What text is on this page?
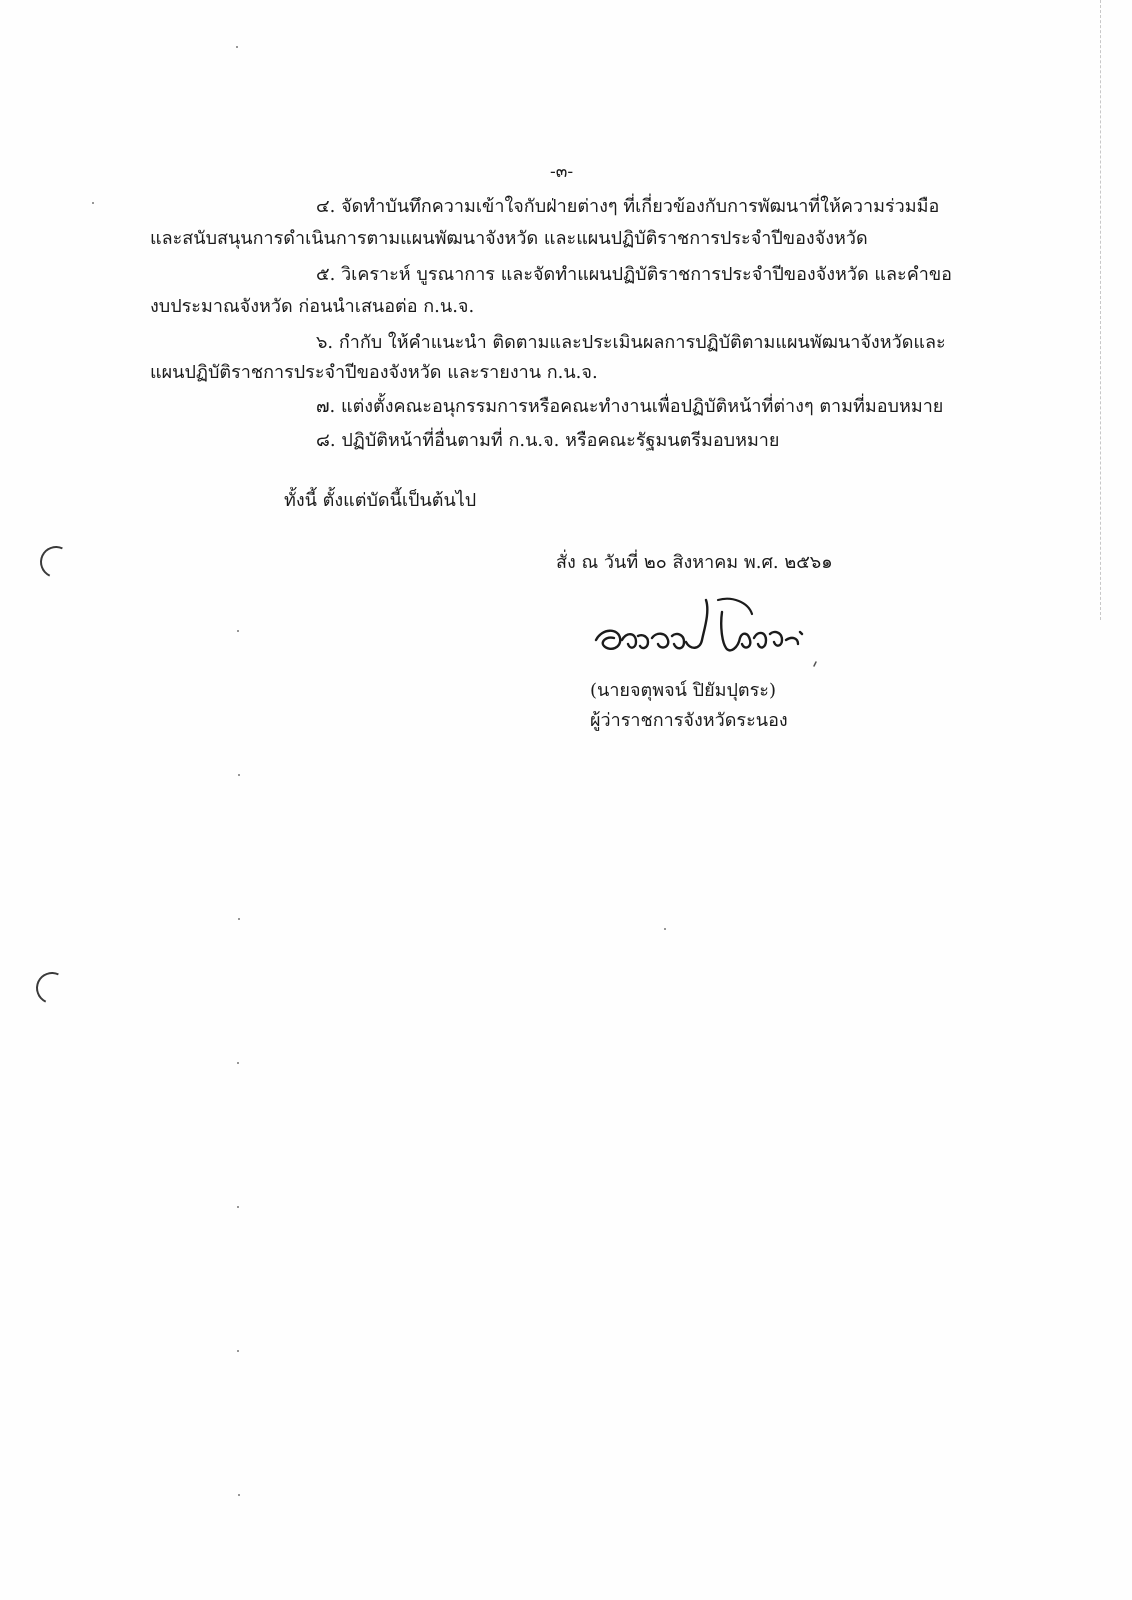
-๓-
๔. จัดทำบันทึกความเข้าใจกับฝ่ายต่างๆ ที่เกี่ยวข้องกับการพัฒนาที่ให้ความร่วมมือ
และสนับสนุนการดำเนินการตามแผนพัฒนาจังหวัด และแผนปฏิบัติราชการประจำปีของจังหวัด
๕. วิเคราะห์ บูรณาการ และจัดทำแผนปฏิบัติราชการประจำปีของจังหวัด และคำขอ
งบประมาณจังหวัด ก่อนนำเสนอต่อ ก.น.จ.
๖. กำกับ ให้คำแนะนำ ติดตามและประเมินผลการปฏิบัติตามแผนพัฒนาจังหวัดและ
แผนปฏิบัติราชการประจำปีของจังหวัด และรายงาน ก.น.จ.
๗. แต่งตั้งคณะอนุกรรมการหรือคณะทำงานเพื่อปฏิบัติหน้าที่ต่างๆ ตามที่มอบหมาย
๘. ปฏิบัติหน้าที่อื่นตามที่ ก.น.จ. หรือคณะรัฐมนตรีมอบหมาย
ทั้งนี้ ตั้งแต่บัดนี้เป็นต้นไป
สั่ง ณ วันที่ ๒๐ สิงหาคม พ.ศ. ๒๕๖๑
(นายจตุพจน์ ปิยัมปุตระ)
ผู้ว่าราชการจังหวัดระนอง
